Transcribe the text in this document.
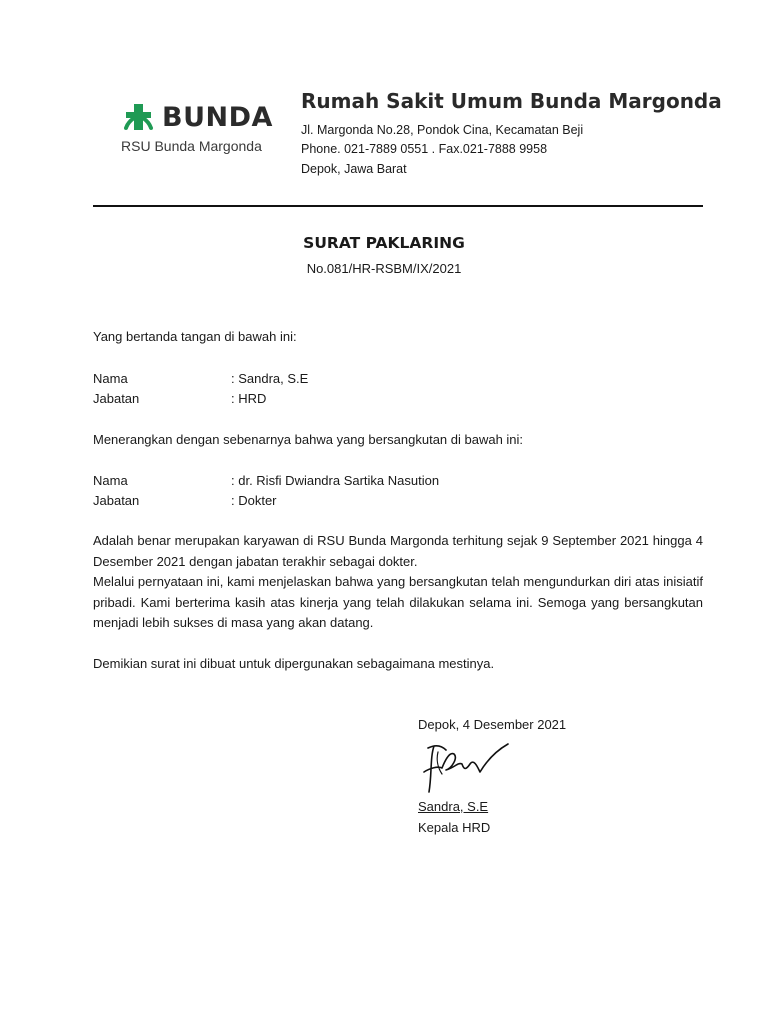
BUNDA
RSU Bunda Margonda
Rumah Sakit Umum Bunda Margonda
Jl. Margonda No.28, Pondok Cina, Kecamatan Beji
Phone. 021-7889 0551 . Fax.021-7888 9958
Depok, Jawa Barat
SURAT PAKLARING
No.081/HR-RSBM/IX/2021
Yang bertanda tangan di bawah ini:
Nama	: Sandra, S.E
Jabatan	: HRD
Menerangkan dengan sebenarnya bahwa yang bersangkutan di bawah ini:
Nama	: dr. Risfi Dwiandra Sartika Nasution
Jabatan	: Dokter

Adalah benar merupakan karyawan di RSU Bunda Margonda terhitung sejak 9 September 2021 hingga 4 Desember 2021 dengan jabatan terakhir sebagai dokter.

Melalui pernyataan ini, kami menjelaskan bahwa yang bersangkutan telah mengundurkan diri atas inisiatif pribadi. Kami berterima kasih atas kinerja yang telah dilakukan selama ini. Semoga yang bersangkutan menjadi lebih sukses di masa yang akan datang.

Demikian surat ini dibuat untuk dipergunakan sebagaimana mestinya.
Depok, 4 Desember 2021
Sandra, S.E
Kepala HRD
